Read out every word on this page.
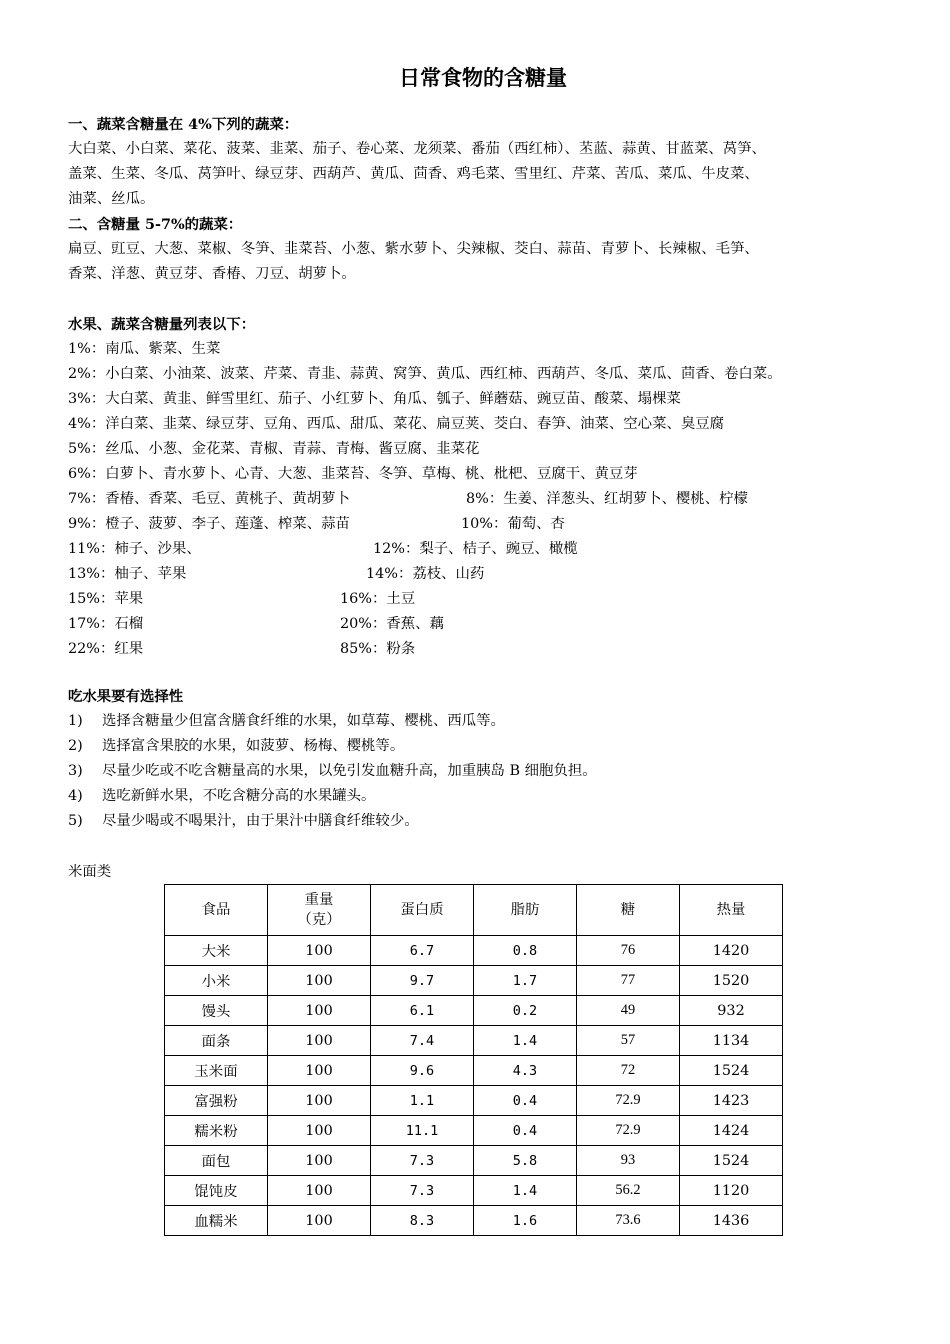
日常食物的含糖量
一、蔬菜含糖量在 4%下列的蔬菜：
大白菜、小白菜、菜花、菠菜、韭菜、茄子、卷心菜、龙须菜、番茄（西红柿）、苤蓝、蒜黄、甘蓝菜、莴笋、
盖菜、生菜、冬瓜、莴笋叶、绿豆芽、西葫芦、黄瓜、茴香、鸡毛菜、雪里红、芹菜、苦瓜、菜瓜、牛皮菜、
油菜、丝瓜。
二、含糖量 5-7%的蔬菜：
扁豆、豇豆、大葱、菜椒、冬笋、韭菜苔、小葱、紫水萝卜、尖辣椒、茭白、蒜苗、青萝卜、长辣椒、毛笋、
香菜、洋葱、黄豆芽、香椿、刀豆、胡萝卜。
水果、蔬菜含糖量列表以下：
1%：南瓜、紫菜、生菜
2%：小白菜、小油菜、波菜、芹菜、青韭、蒜黄、窝笋、黄瓜、西红柿、西葫芦、冬瓜、菜瓜、茴香、卷白菜。
3%：大白菜、黄韭、鲜雪里红、茄子、小红萝卜、角瓜、瓠子、鲜蘑菇、豌豆苗、酸菜、塌棵菜
4%：洋白菜、韭菜、绿豆芽、豆角、西瓜、甜瓜、菜花、扁豆荚、茭白、春笋、油菜、空心菜、臭豆腐
5%：丝瓜、小葱、金花菜、青椒、青蒜、青梅、酱豆腐、韭菜花
6%：白萝卜、青水萝卜、心青、大葱、韭菜苔、冬笋、草梅、桃、枇杷、豆腐干、黄豆芽
7%：香椿、香菜、毛豆、黄桃子、黄胡萝卜	8%：生姜、洋葱头、红胡萝卜、樱桃、柠檬
9%：橙子、菠萝、李子、莲蓬、榨菜、蒜苗	10%：葡萄、杏
11%：柿子、沙果、	12%：梨子、桔子、豌豆、橄榄
13%：柚子、苹果	14%：荔枝、山药
15%：苹果	16%：土豆
17%：石榴	20%：香蕉、藕
22%：红果	85%：粉条
吃水果要有选择性
1) 选择含糖量少但富含膳食纤维的水果，如草莓、樱桃、西瓜等。
2) 选择富含果胶的水果，如菠萝、杨梅、樱桃等。
3) 尽量少吃或不吃含糖量高的水果，以免引发血糖升高，加重胰岛 B 细胞负担。
4) 选吃新鲜水果，不吃含糖分高的水果罐头。
5) 尽量少喝或不喝果汁，由于果汁中膳食纤维较少。
米面类
食品	重量
（克）	蛋白质	脂肪	糖	热量
大米	100	6.7	0.8	76	1420
小米	100	9.7	1.7	77	1520
馒头	100	6.1	0.2	49	932
面条	100	7.4	1.4	57	1134
玉米面	100	9.6	4.3	72	1524
富强粉	100	1.1	0.4	72.9	1423
糯米粉	100	11.1	0.4	72.9	1424
面包	100	7.3	5.8	93	1524
馄饨皮	100	7.3	1.4	56.2	1120
血糯米	100	8.3	1.6	73.6	1436
